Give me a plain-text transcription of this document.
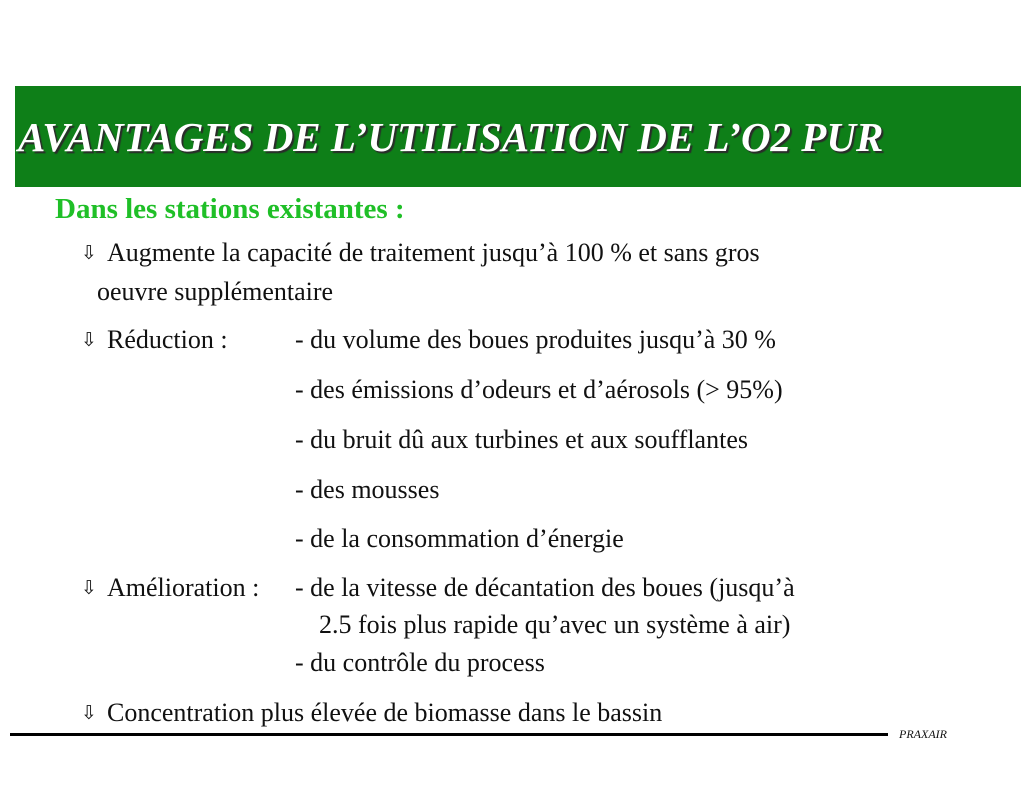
AVANTAGES DE L’UTILISATION DE L’O2 PUR
Dans les stations existantes :
⇩ Augmente la capacité de traitement jusqu’à 100 % et sans gros
oeuvre supplémentaire
⇩ Réduction :	- du volume des boues produites jusqu’à 30 %
- des émissions d’odeurs et d’aérosols (> 95%)
- du bruit dû aux turbines et aux soufflantes
- des mousses
- de la consommation d’énergie
⇩ Amélioration : - de la vitesse de décantation des boues (jusqu’à
2.5 fois plus rapide qu’avec un système à air)
- du contrôle du process
⇩ Concentration plus élevée de biomasse dans le bassin
PRAXAIR
